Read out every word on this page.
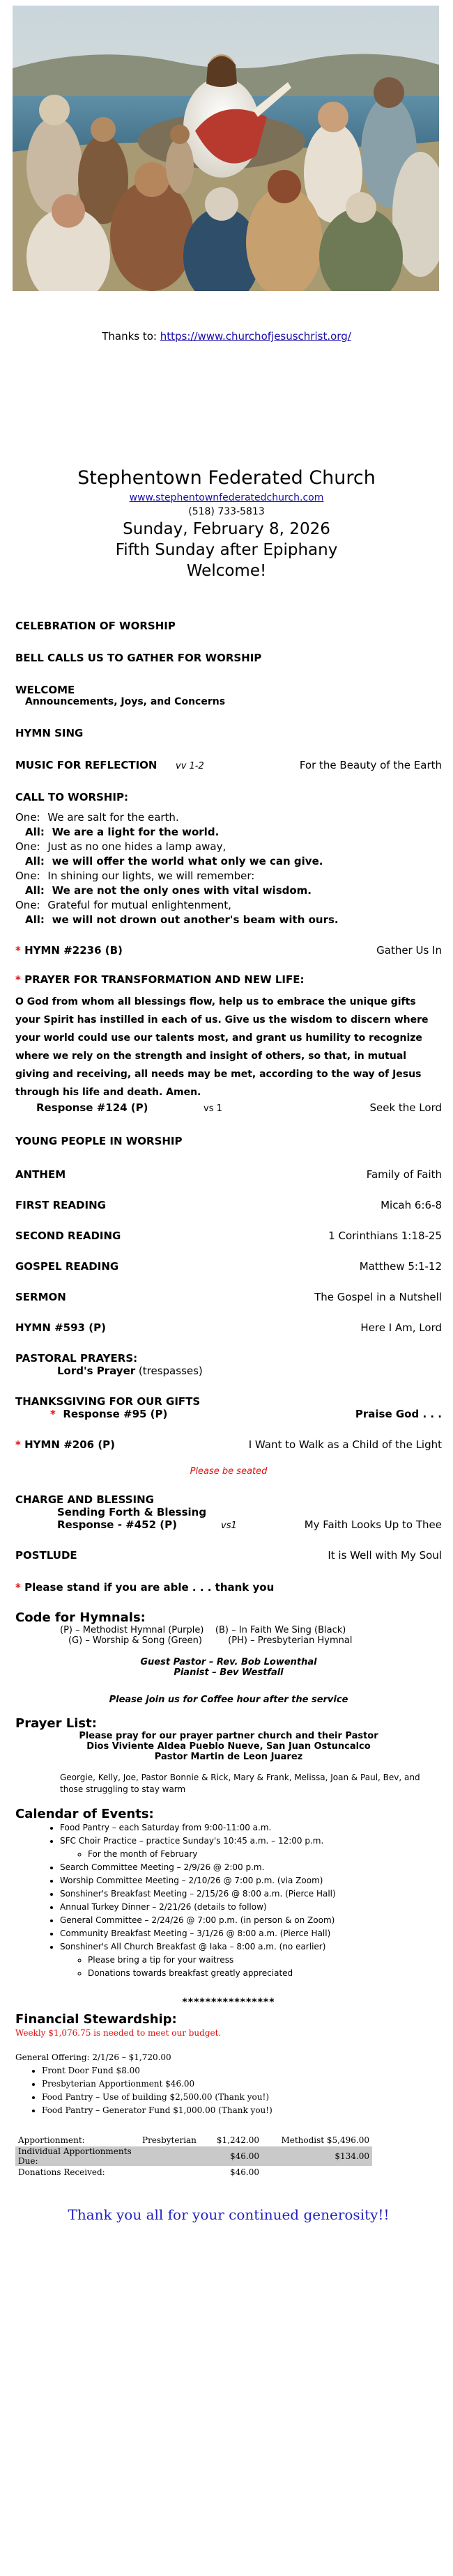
Thanks to: https://www.churchofjesuschrist.org/
Stephentown Federated Church
www.stephentownfederatedchurch.com
(518) 733-5813
Sunday, February 8, 2026
Fifth Sunday after Epiphany
Welcome!
CELEBRATION OF WORSHIP
BELL CALLS US TO GATHER FOR WORSHIP
WELCOME
Announcements, Joys, and Concerns
HYMN SING
MUSIC FOR REFLECTION	vv 1-2	For the Beauty of the Earth
CALL TO WORSHIP:
One: We are salt for the earth.
All: We are a light for the world.
One: Just as no one hides a lamp away,
All: we will offer the world what only we can give.
One: In shining our lights, we will remember:
All: We are not the only ones with vital wisdom.
One: Grateful for mutual enlightenment,
All: we will not drown out another's beam with ours.
* HYMN #2236 (B)	Gather Us In
* PRAYER FOR TRANSFORMATION AND NEW LIFE:
O God from whom all blessings flow, help us to embrace the unique gifts your Spirit has instilled in each of us. Give us the wisdom to discern where your world could use our talents most, and grant us humility to recognize where we rely on the strength and insight of others, so that, in mutual giving and receiving, all needs may be met, according to the way of Jesus through his life and death. Amen.
Response #124 (P)	vs 1	Seek the Lord
YOUNG PEOPLE IN WORSHIP
ANTHEM	Family of Faith
FIRST READING	Micah 6:6-8
SECOND READING	1 Corinthians 1:18-25
GOSPEL READING	Matthew 5:1-12
SERMON	The Gospel in a Nutshell
HYMN #593 (P)	Here I Am, Lord
PASTORAL PRAYERS:
Lord's Prayer (trespasses)
THANKSGIVING FOR OUR GIFTS
* Response #95 (P)	Praise God . . .
* HYMN #206 (P)	I Want to Walk as a Child of the Light
Please be seated
CHARGE AND BLESSING
Sending Forth & Blessing
Response - #452 (P)	vs1	My Faith Looks Up to Thee
POSTLUDE	It is Well with My Soul
* Please stand if you are able . . . thank you
Code for Hymnals:
(P) – Methodist Hymnal (Purple)    (B) – In Faith We Sing (Black)
(G) – Worship & Song (Green)         (PH) – Presbyterian Hymnal
Guest Pastor – Rev. Bob Lowenthal
Pianist – Bev Westfall
Please join us for Coffee hour after the service
Prayer List:
Please pray for our prayer partner church and their Pastor
Dios Viviente Aldea Pueblo Nueve, San Juan Ostuncalco
Pastor Martin de Leon Juarez
Georgie, Kelly, Joe, Pastor Bonnie & Rick, Mary & Frank, Melissa, Joan & Paul, Bev, and those struggling to stay warm
Calendar of Events:
• Food Pantry – each Saturday from 9:00-11:00 a.m.
• SFC Choir Practice – practice Sunday's 10:45 a.m. – 12:00 p.m.
◦ For the month of February
• Search Committee Meeting – 2/9/26 @ 2:00 p.m.
• Worship Committee Meeting – 2/10/26 @ 7:00 p.m. (via Zoom)
• Sonshiner's Breakfast Meeting – 2/15/26 @ 8:00 a.m. (Pierce Hall)
• Annual Turkey Dinner – 2/21/26 (details to follow)
• General Committee – 2/24/26 @ 7:00 p.m. (in person & on Zoom)
• Community Breakfast Meeting – 3/1/26 @ 8:00 a.m. (Pierce Hall)
• Sonshiner's All Church Breakfast @ Iaka – 8:00 a.m. (no earlier)
◦ Please bring a tip for your waitress
◦ Donations towards breakfast greatly appreciated
****************
Financial Stewardship:
Weekly $1,076.75 is needed to meet our budget.
General Offering: 2/1/26 – $1,720.00
• Front Door Fund $8.00
• Presbyterian Apportionment $46.00
• Food Pantry – Use of building $2,500.00 (Thank you!)
• Food Pantry – Generator Fund $1,000.00 (Thank you!)
Apportionment:	Presbyterian	$1,242.00	Methodist $5,496.00
Individual Apportionments Due:		$46.00	$134.00
Donations Received:		$46.00	
Thank you all for your continued generosity!!
